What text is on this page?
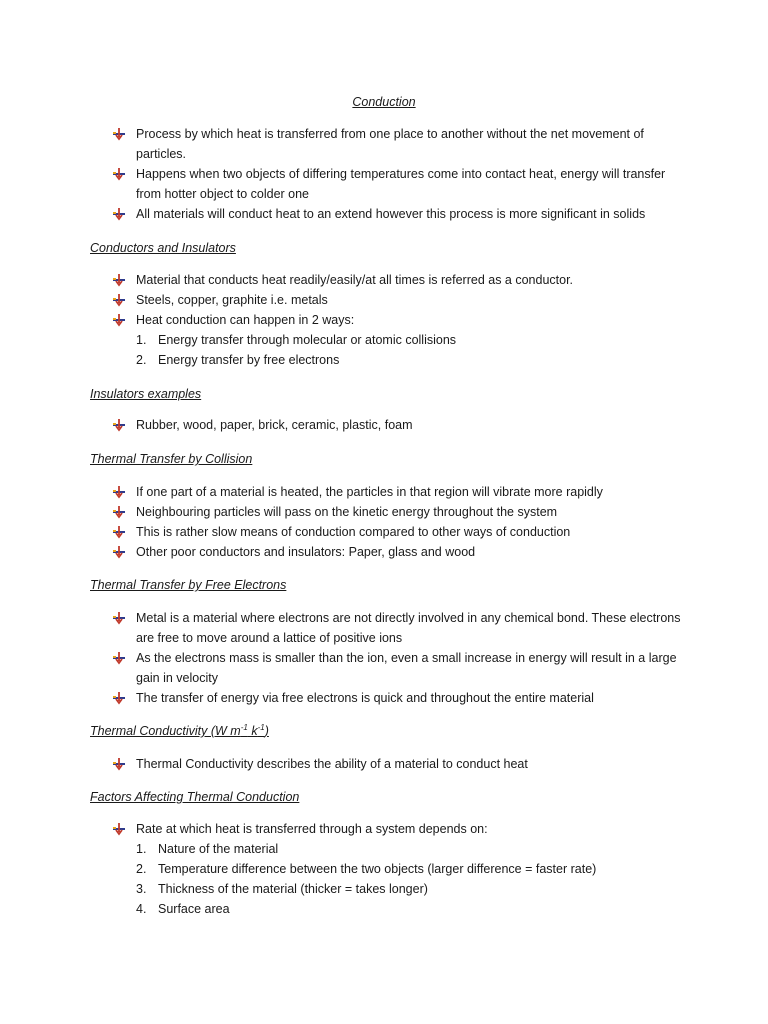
Conduction
Process by which heat is transferred from one place to another without the net movement of particles.
Happens when two objects of differing temperatures come into contact heat, energy will transfer from hotter object to colder one
All materials will conduct heat to an extend however this process is more significant in solids
Conductors and Insulators
Material that conducts heat readily/easily/at all times is referred as a conductor.
Steels, copper, graphite i.e. metals
Heat conduction can happen in 2 ways:
1. Energy transfer through molecular or atomic collisions
2. Energy transfer by free electrons
Insulators examples
Rubber, wood, paper, brick, ceramic, plastic, foam
Thermal Transfer by Collision
If one part of a material is heated, the particles in that region will vibrate more rapidly
Neighbouring particles will pass on the kinetic energy throughout the system
This is rather slow means of conduction compared to other ways of conduction
Other poor conductors and insulators: Paper, glass and wood
Thermal Transfer by Free Electrons
Metal is a material where electrons are not directly involved in any chemical bond. These electrons are free to move around a lattice of positive ions
As the electrons mass is smaller than the ion, even a small increase in energy will result in a large gain in velocity
The transfer of energy via free electrons is quick and throughout the entire material
Thermal Conductivity (W $m^{-1}$ $k^{-1}$)
Thermal Conductivity describes the ability of a material to conduct heat
Factors Affecting Thermal Conduction
Rate at which heat is transferred through a system depends on:
1. Nature of the material
2. Temperature difference between the two objects (larger difference = faster rate)
3. Thickness of the material (thicker = takes longer)
4. Surface area
